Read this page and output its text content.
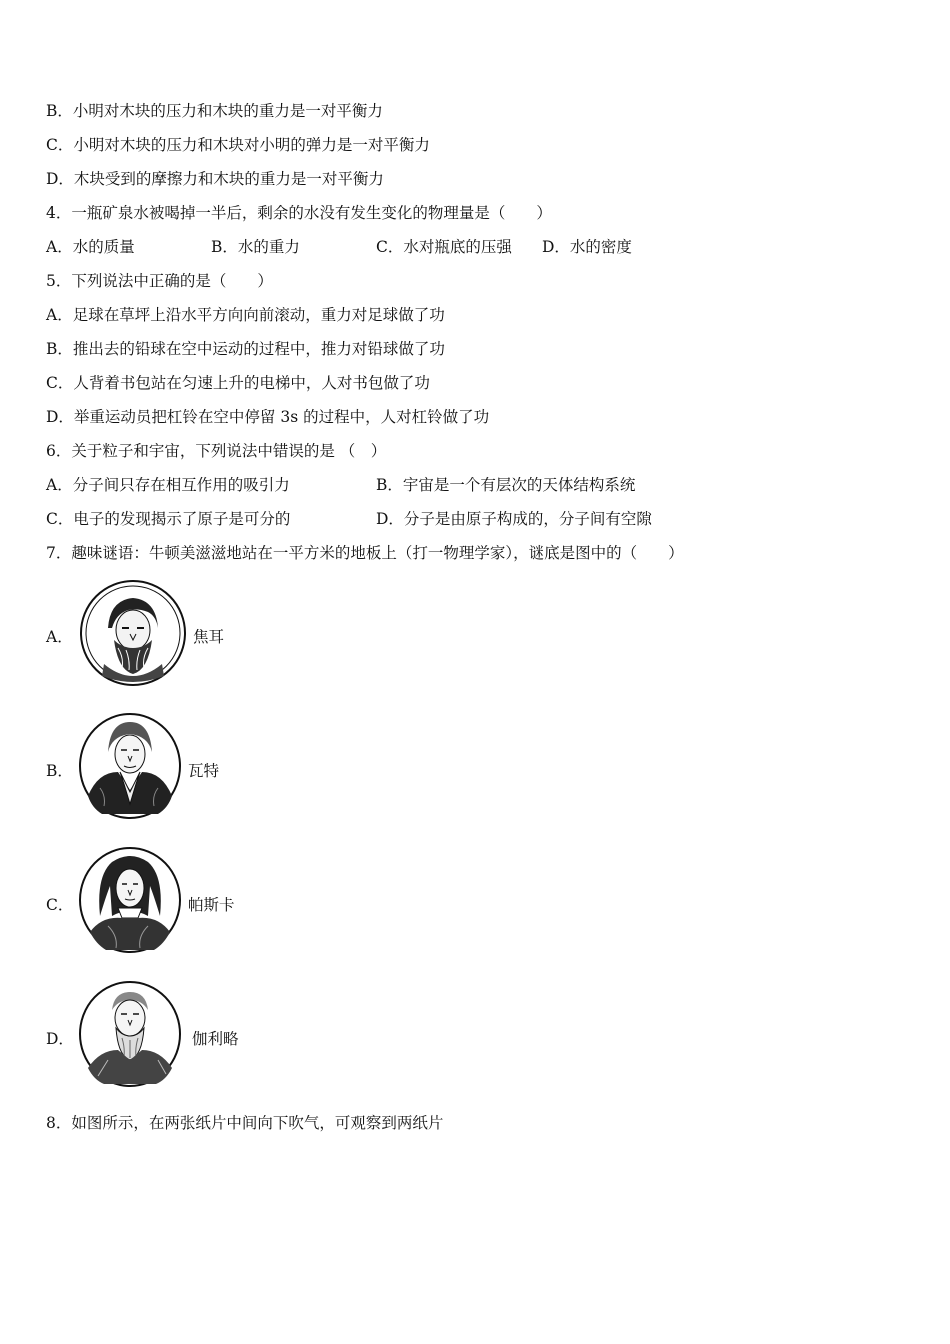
B．小明对木块的压力和木块的重力是一对平衡力
C．小明对木块的压力和木块对小明的弹力是一对平衡力
D．木块受到的摩擦力和木块的重力是一对平衡力
4．一瓶矿泉水被喝掉一半后，剩余的水没有发生变化的物理量是（　　）
A．水的质量	B．水的重力	C．水对瓶底的压强 D．水的密度
5．下列说法中正确的是（　　）
A．足球在草坪上沿水平方向向前滚动，重力对足球做了功
B．推出去的铅球在空中运动的过程中，推力对铅球做了功
C．人背着书包站在匀速上升的电梯中，人对书包做了功
D．举重运动员把杠铃在空中停留 3s 的过程中，人对杠铃做了功
6．关于粒子和宇宙，下列说法中错误的是 （　）
A．分子间只存在相互作用的吸引力	B．宇宙是一个有层次的天体结构系统
C．电子的发现揭示了原子是可分的	D．分子是由原子构成的，分子间有空隙
7．趣味谜语：牛顿美滋滋地站在一平方米的地板上（打一物理学家），谜底是图中的（　　）
A．	焦耳
B．	瓦特
C．	帕斯卡
D．	伽利略
8．如图所示，在两张纸片中间向下吹气，可观察到两纸片
